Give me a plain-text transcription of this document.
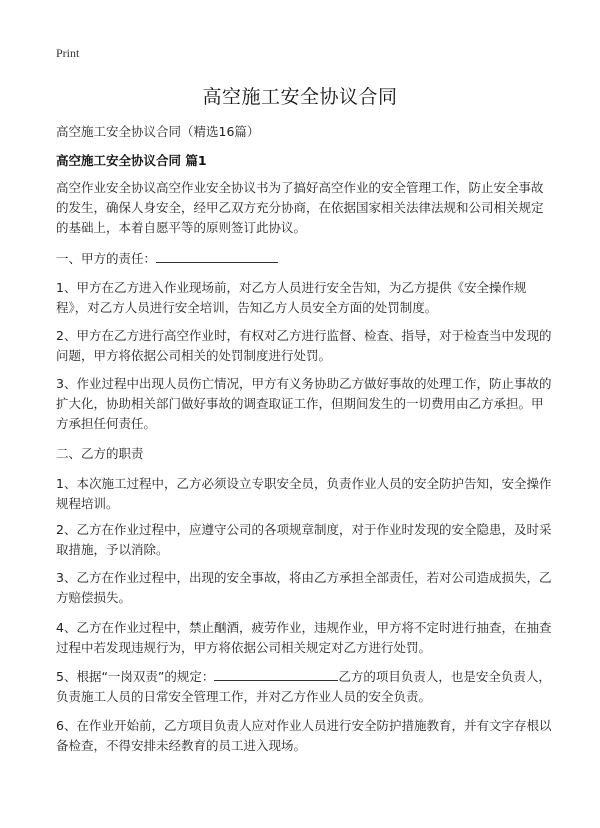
Print
高空施工安全协议合同
高空施工安全协议合同（精选16篇）
高空施工安全协议合同 篇1

高空作业安全协议高空作业安全协议书为了搞好高空作业的安全管理工作，防止安全事故的发生，确保人身安全，经甲乙双方充分协商，在依据国家相关法律法规和公司相关规定的基础上，本着自愿平等的原则签订此协议。

一、甲方的责任：

1、甲方在乙方进入作业现场前，对乙方人员进行安全告知，为乙方提供《安全操作规程》，对乙方人员进行安全培训，告知乙方人员安全方面的处罚制度。

2、甲方在乙方进行高空作业时，有权对乙方进行监督、检查、指导，对于检查当中发现的问题，甲方将依据公司相关的处罚制度进行处罚。

3、作业过程中出现人员伤亡情况，甲方有义务协助乙方做好事故的处理工作，防止事故的扩大化，协助相关部门做好事故的调查取证工作，但期间发生的一切费用由乙方承担。甲方承担任何责任。

二、乙方的职责

1、本次施工过程中，乙方必须设立专职安全员，负责作业人员的安全防护告知，安全操作规程培训。

2、乙方在作业过程中，应遵守公司的各项规章制度，对于作业时发现的安全隐患，及时采取措施，予以消除。

3、乙方在作业过程中，出现的安全事故，将由乙方承担全部责任，若对公司造成损失，乙方赔偿损失。

4、乙方在作业过程中，禁止酗酒，疲劳作业，违规作业，甲方将不定时进行抽查，在抽查过程中若发现违规行为，甲方将依据公司相关规定对乙方进行处罚。

5、根据“一岗双责”的规定：	乙方的项目负责人，也是安全负责人，负责施工人员的日常安全管理工作，并对乙方作业人员的安全负责。

6、在作业开始前，乙方项目负责人应对作业人员进行安全防护措施教育，并有文字存根以备检查，不得安排未经教育的员工进入现场。
